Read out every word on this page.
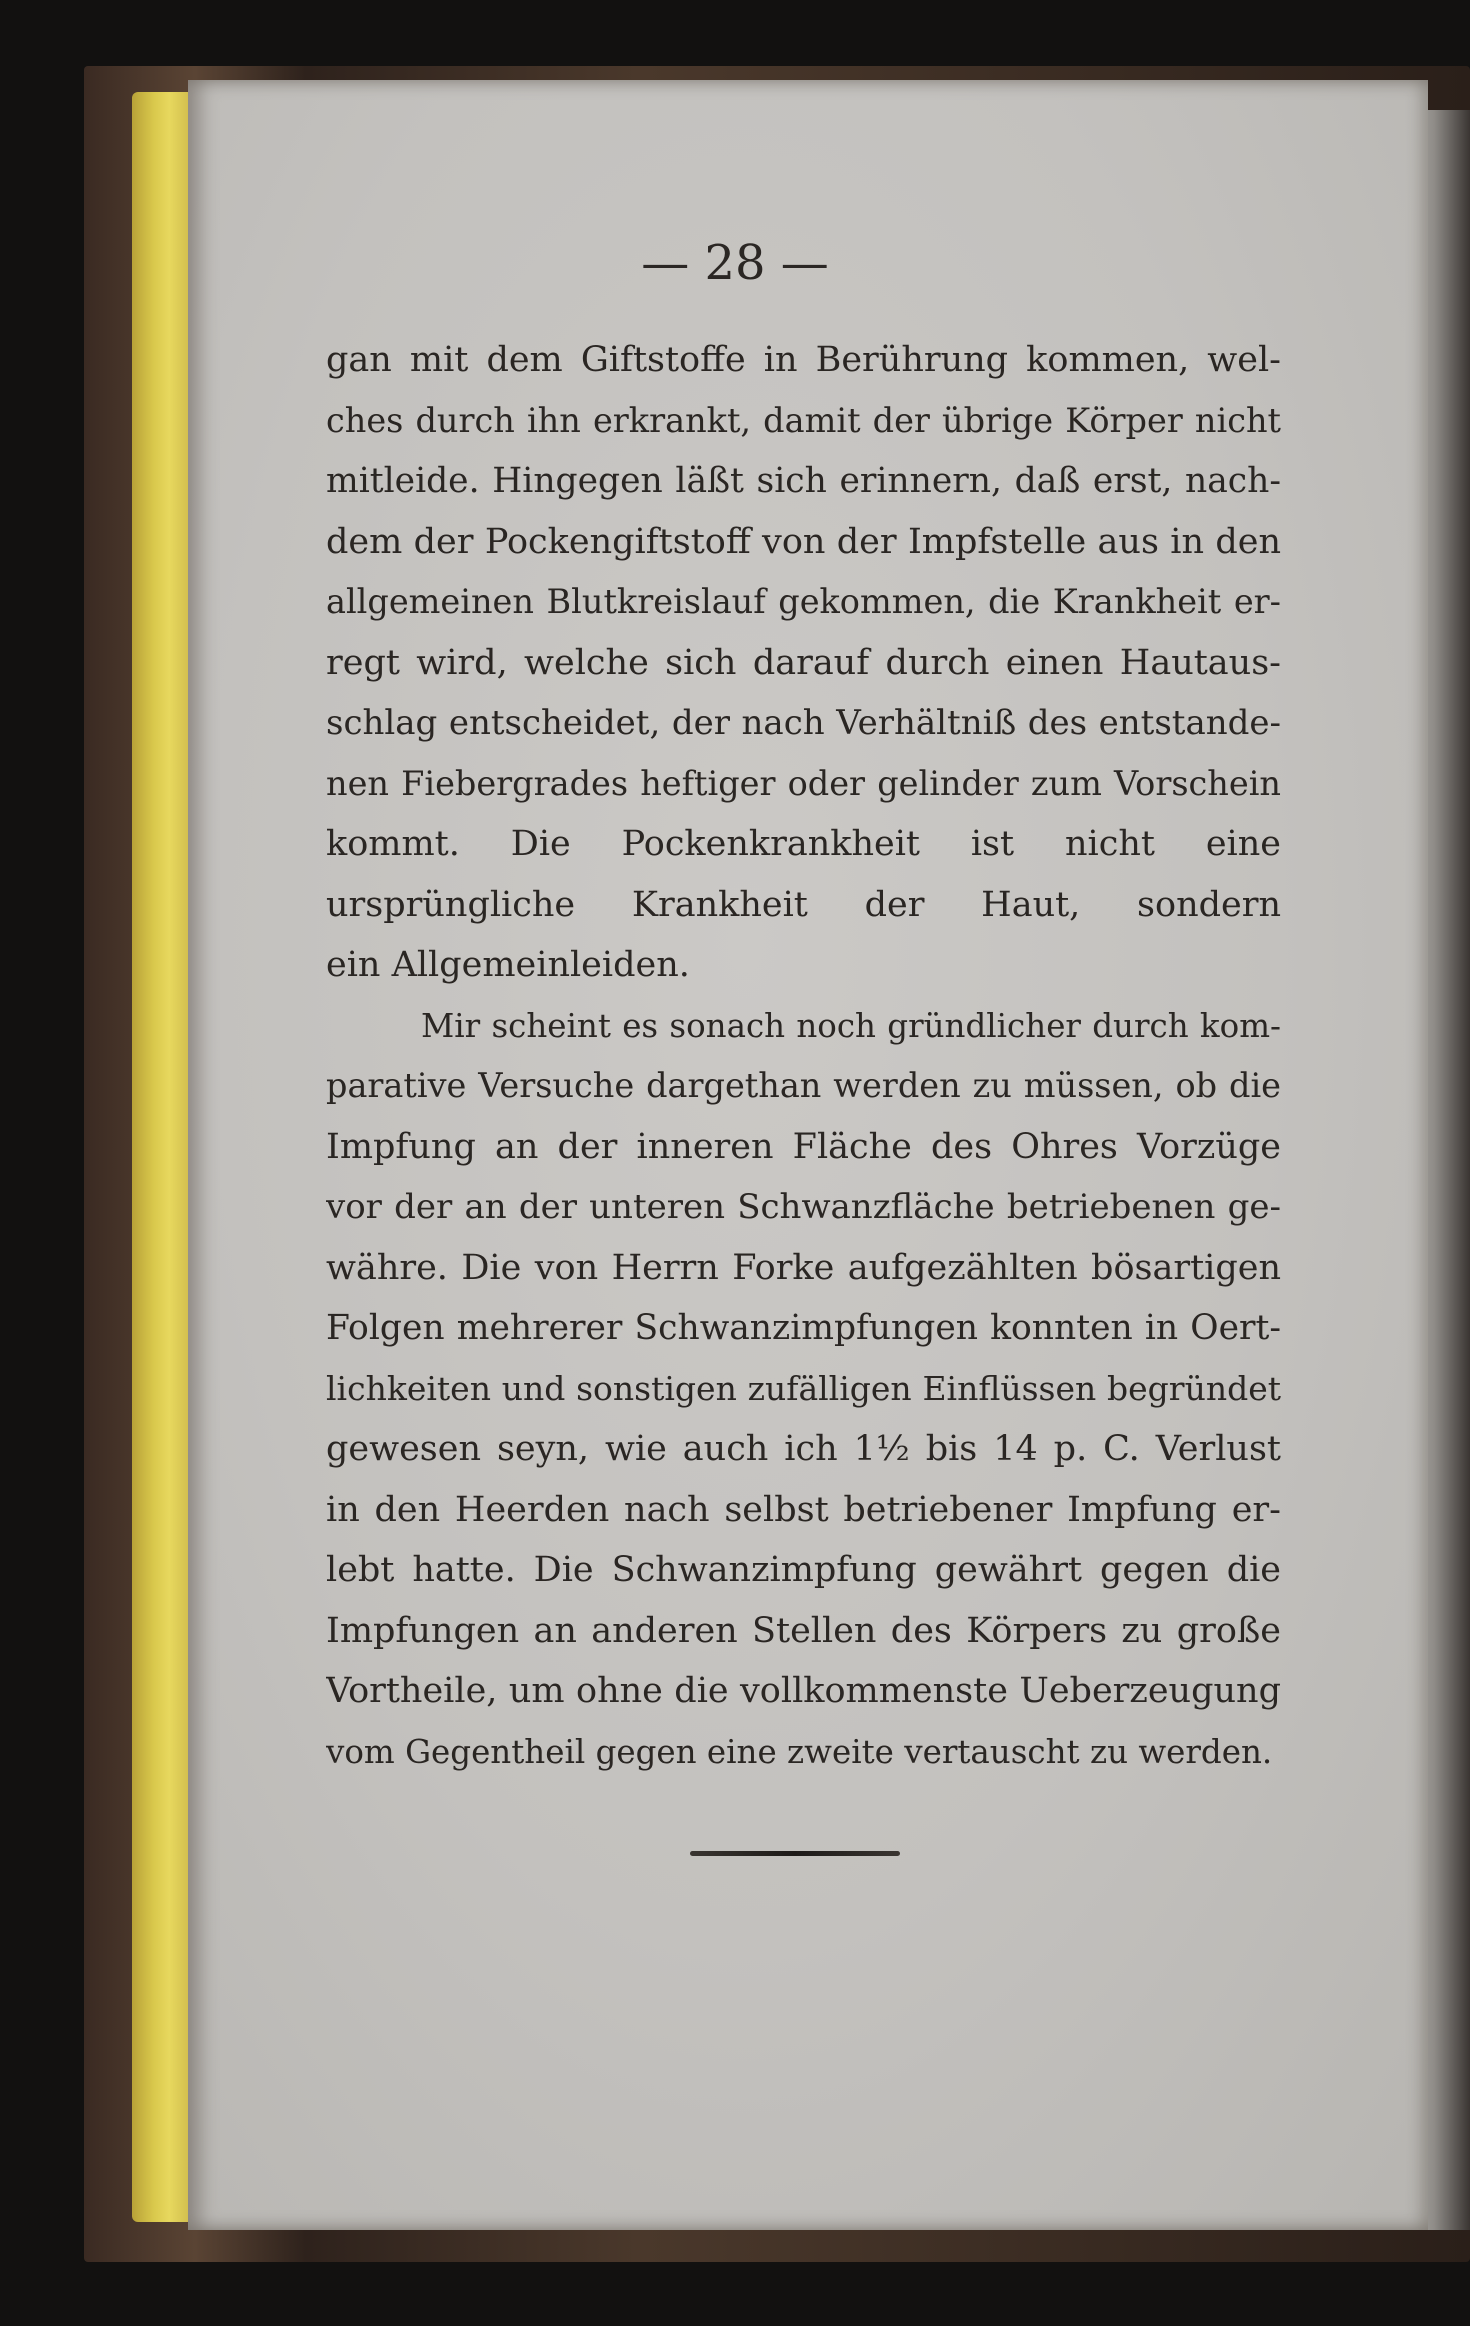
— 28 —
gan mit dem Giftstoffe in Berührung kommen, wel-
ches durch ihn erkrankt, damit der übrige Körper nicht
mitleide. Hingegen läßt sich erinnern, daß erst, nach-
dem der Pockengiftstoff von der Impfstelle aus in den
allgemeinen Blutkreislauf gekommen, die Krankheit er-
regt wird, welche sich darauf durch einen Hautaus-
schlag entscheidet, der nach Verhältniß des entstande-
nen Fiebergrades heftiger oder gelinder zum Vorschein
kommt. Die Pockenkrankheit ist nicht eine
ursprüngliche Krankheit der Haut, sondern
ein Allgemeinleiden.
Mir scheint es sonach noch gründlicher durch kom-
parative Versuche dargethan werden zu müssen, ob die
Impfung an der inneren Fläche des Ohres Vorzüge
vor der an der unteren Schwanzfläche betriebenen ge-
währe. Die von Herrn Forke aufgezählten bösartigen
Folgen mehrerer Schwanzimpfungen konnten in Oert-
lichkeiten und sonstigen zufälligen Einflüssen begründet
gewesen seyn, wie auch ich 1½ bis 14 p. C. Verlust
in den Heerden nach selbst betriebener Impfung er-
lebt hatte. Die Schwanzimpfung gewährt gegen die
Impfungen an anderen Stellen des Körpers zu große
Vortheile, um ohne die vollkommenste Ueberzeugung
vom Gegentheil gegen eine zweite vertauscht zu werden.
